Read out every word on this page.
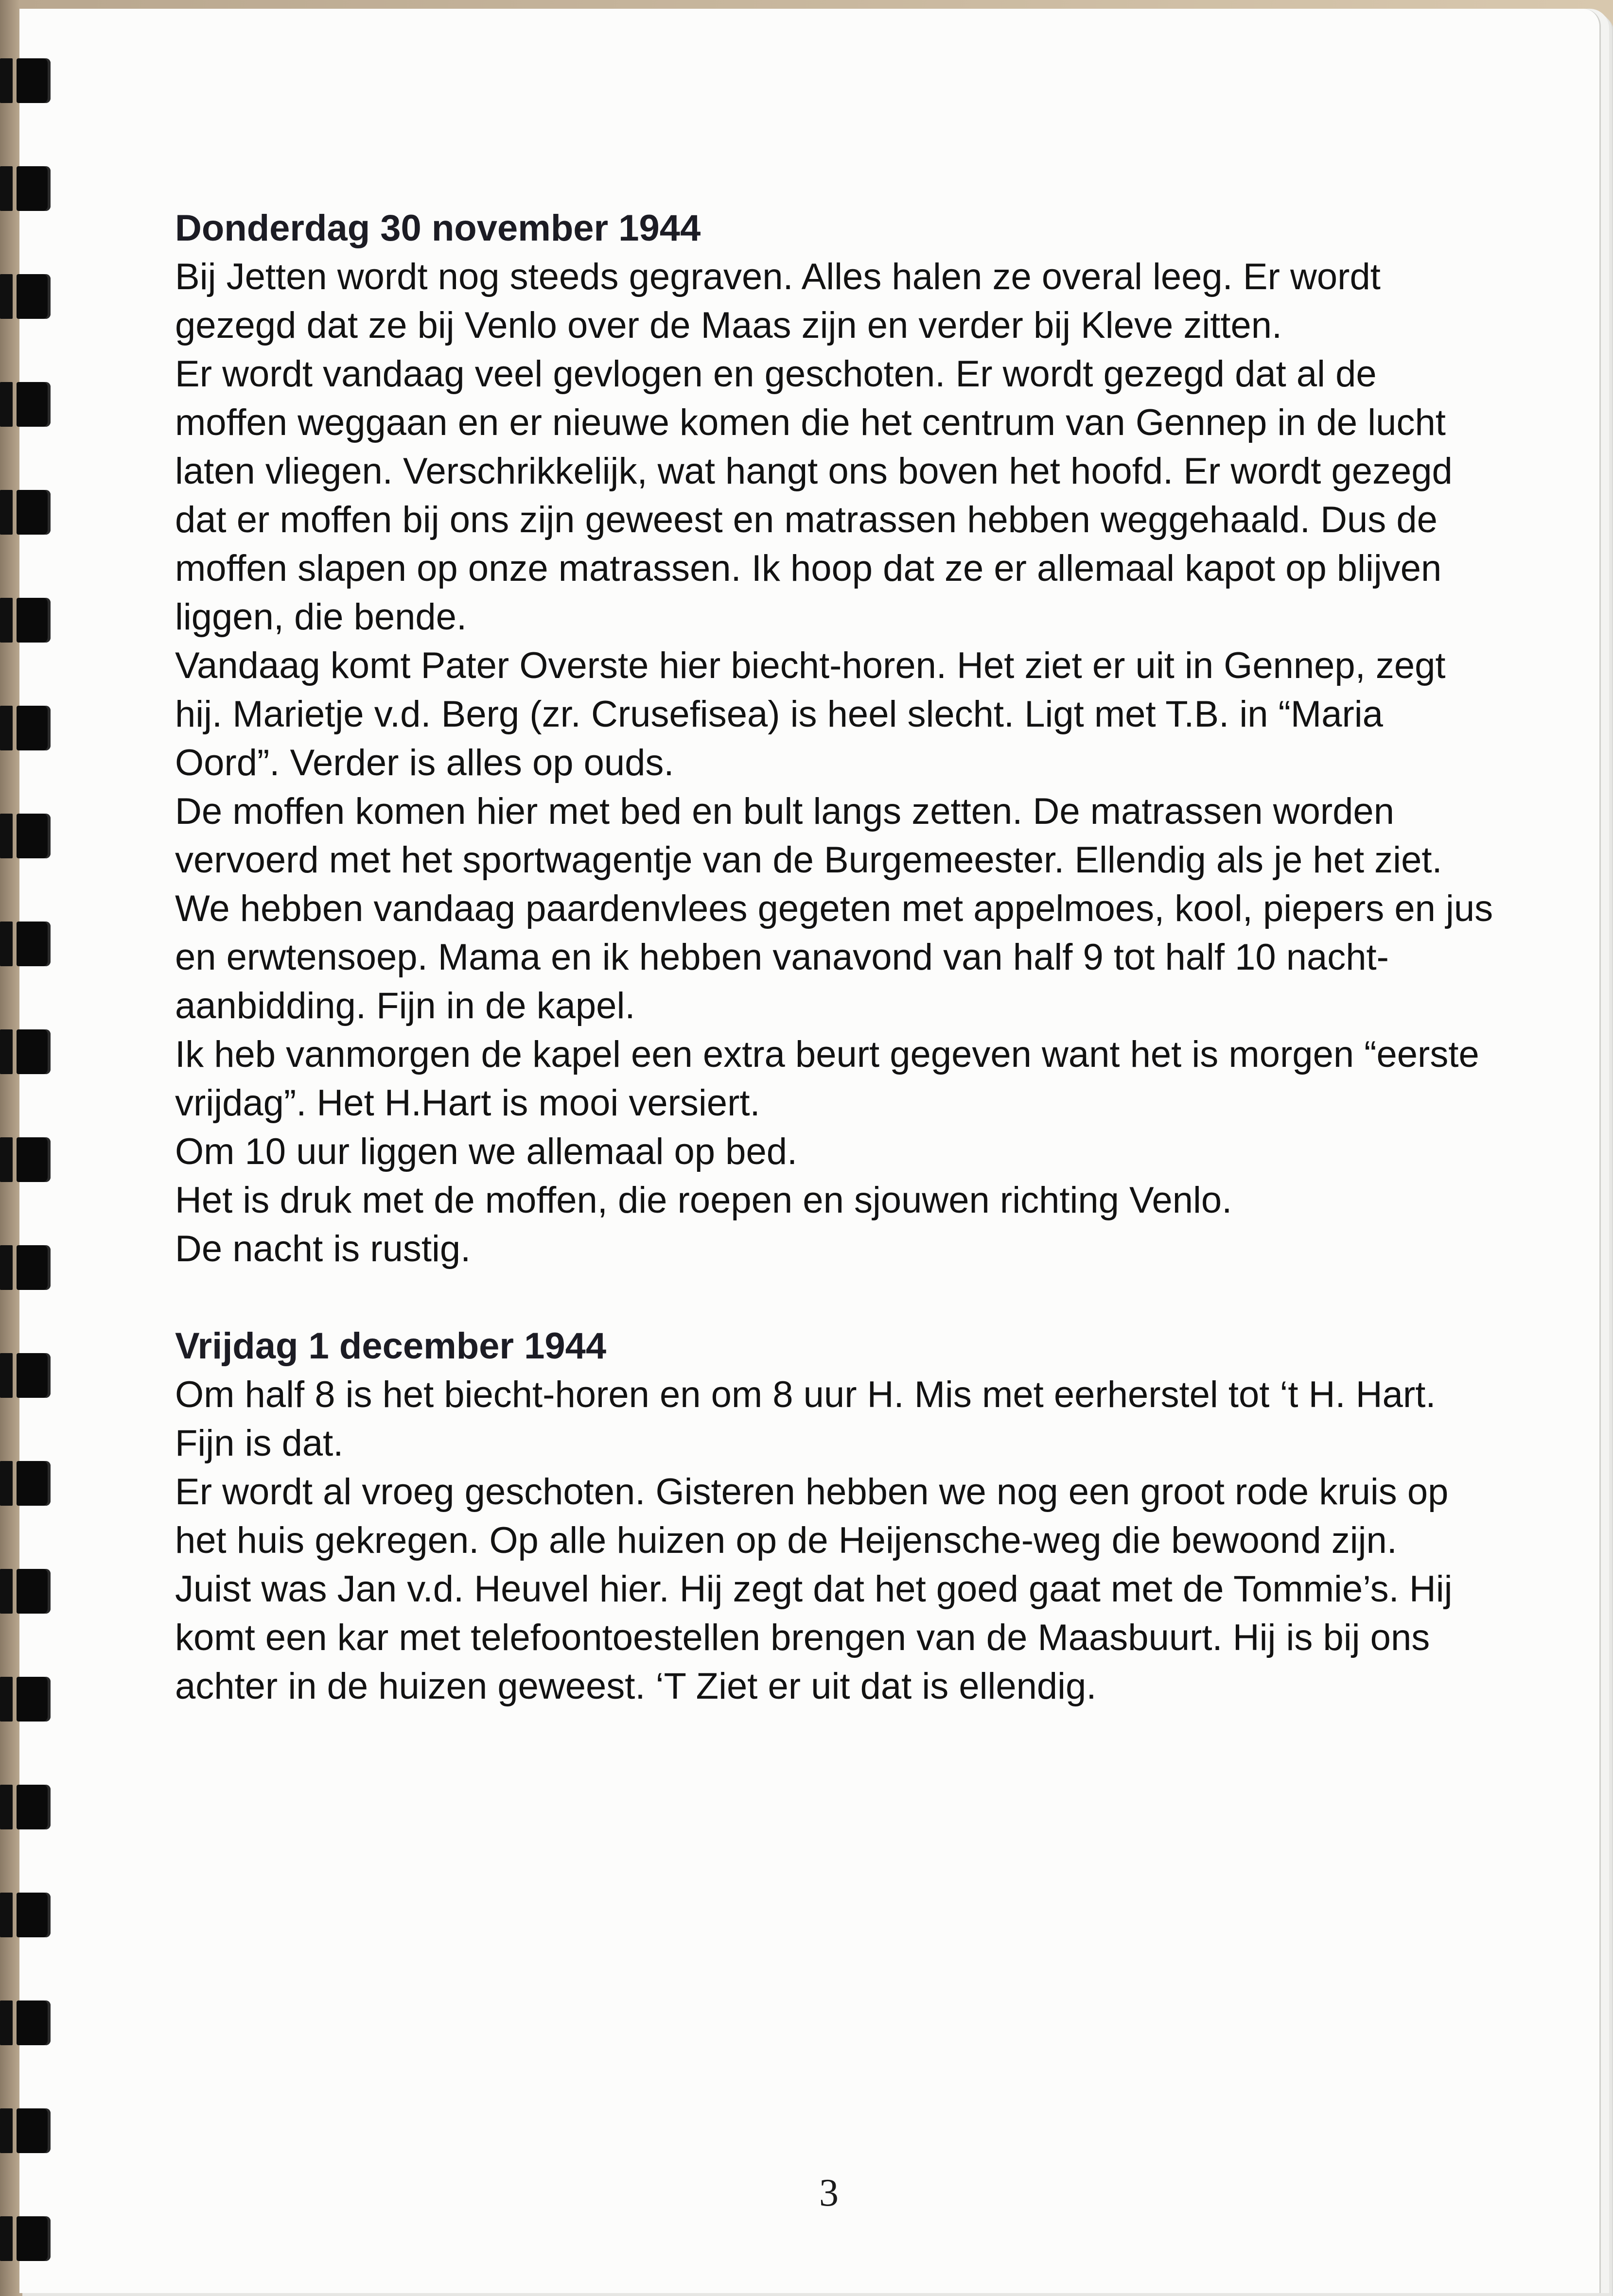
Donderdag 30 november 1944
Bij Jetten wordt nog steeds gegraven. Alles halen ze overal leeg. Er wordt gezegd dat ze bij Venlo over de Maas zijn en verder bij Kleve zitten.
Er wordt vandaag veel gevlogen en geschoten. Er wordt gezegd dat al de moffen weggaan en er nieuwe komen die het centrum van Gennep in de lucht laten vliegen. Verschrikkelijk, wat hangt ons boven het hoofd. Er wordt gezegd dat er moffen bij ons zijn geweest en matrassen hebben weggehaald. Dus de moffen slapen op onze matrassen. Ik hoop dat ze er allemaal kapot op blijven liggen, die bende.
Vandaag komt Pater Overste hier biecht-horen. Het ziet er uit in Gennep, zegt hij. Marietje v.d. Berg (zr. Crusefisea) is heel slecht. Ligt met T.B. in “Maria Oord”. Verder is alles op ouds.
De moffen komen hier met bed en bult langs zetten. De matrassen worden vervoerd met het sportwagentje van de Burgemeester. Ellendig als je het ziet.
We hebben vandaag paardenvlees gegeten met appelmoes, kool, piepers en jus en erwtensoep. Mama en ik hebben vanavond van half 9 tot half 10 nacht-aanbidding. Fijn in de kapel.
Ik heb vanmorgen de kapel een extra beurt gegeven want het is morgen “eerste vrijdag”. Het H.Hart is mooi versiert.
Om 10 uur liggen we allemaal op bed.
Het is druk met de moffen, die roepen en sjouwen richting Venlo.
De nacht is rustig.
Vrijdag 1 december 1944
Om half 8 is het biecht-horen en om 8 uur H. Mis met eerherstel tot ‘t H. Hart. Fijn is dat.
Er wordt al vroeg geschoten. Gisteren hebben we nog een groot rode kruis op het huis gekregen. Op alle huizen op de Heijensche-weg die bewoond zijn.
Juist was Jan v.d. Heuvel hier. Hij zegt dat het goed gaat met de Tommie’s. Hij komt een kar met telefoontoestellen brengen van de Maasbuurt. Hij is bij ons achter in de huizen geweest. ‘T Ziet er uit dat is ellendig.
3
